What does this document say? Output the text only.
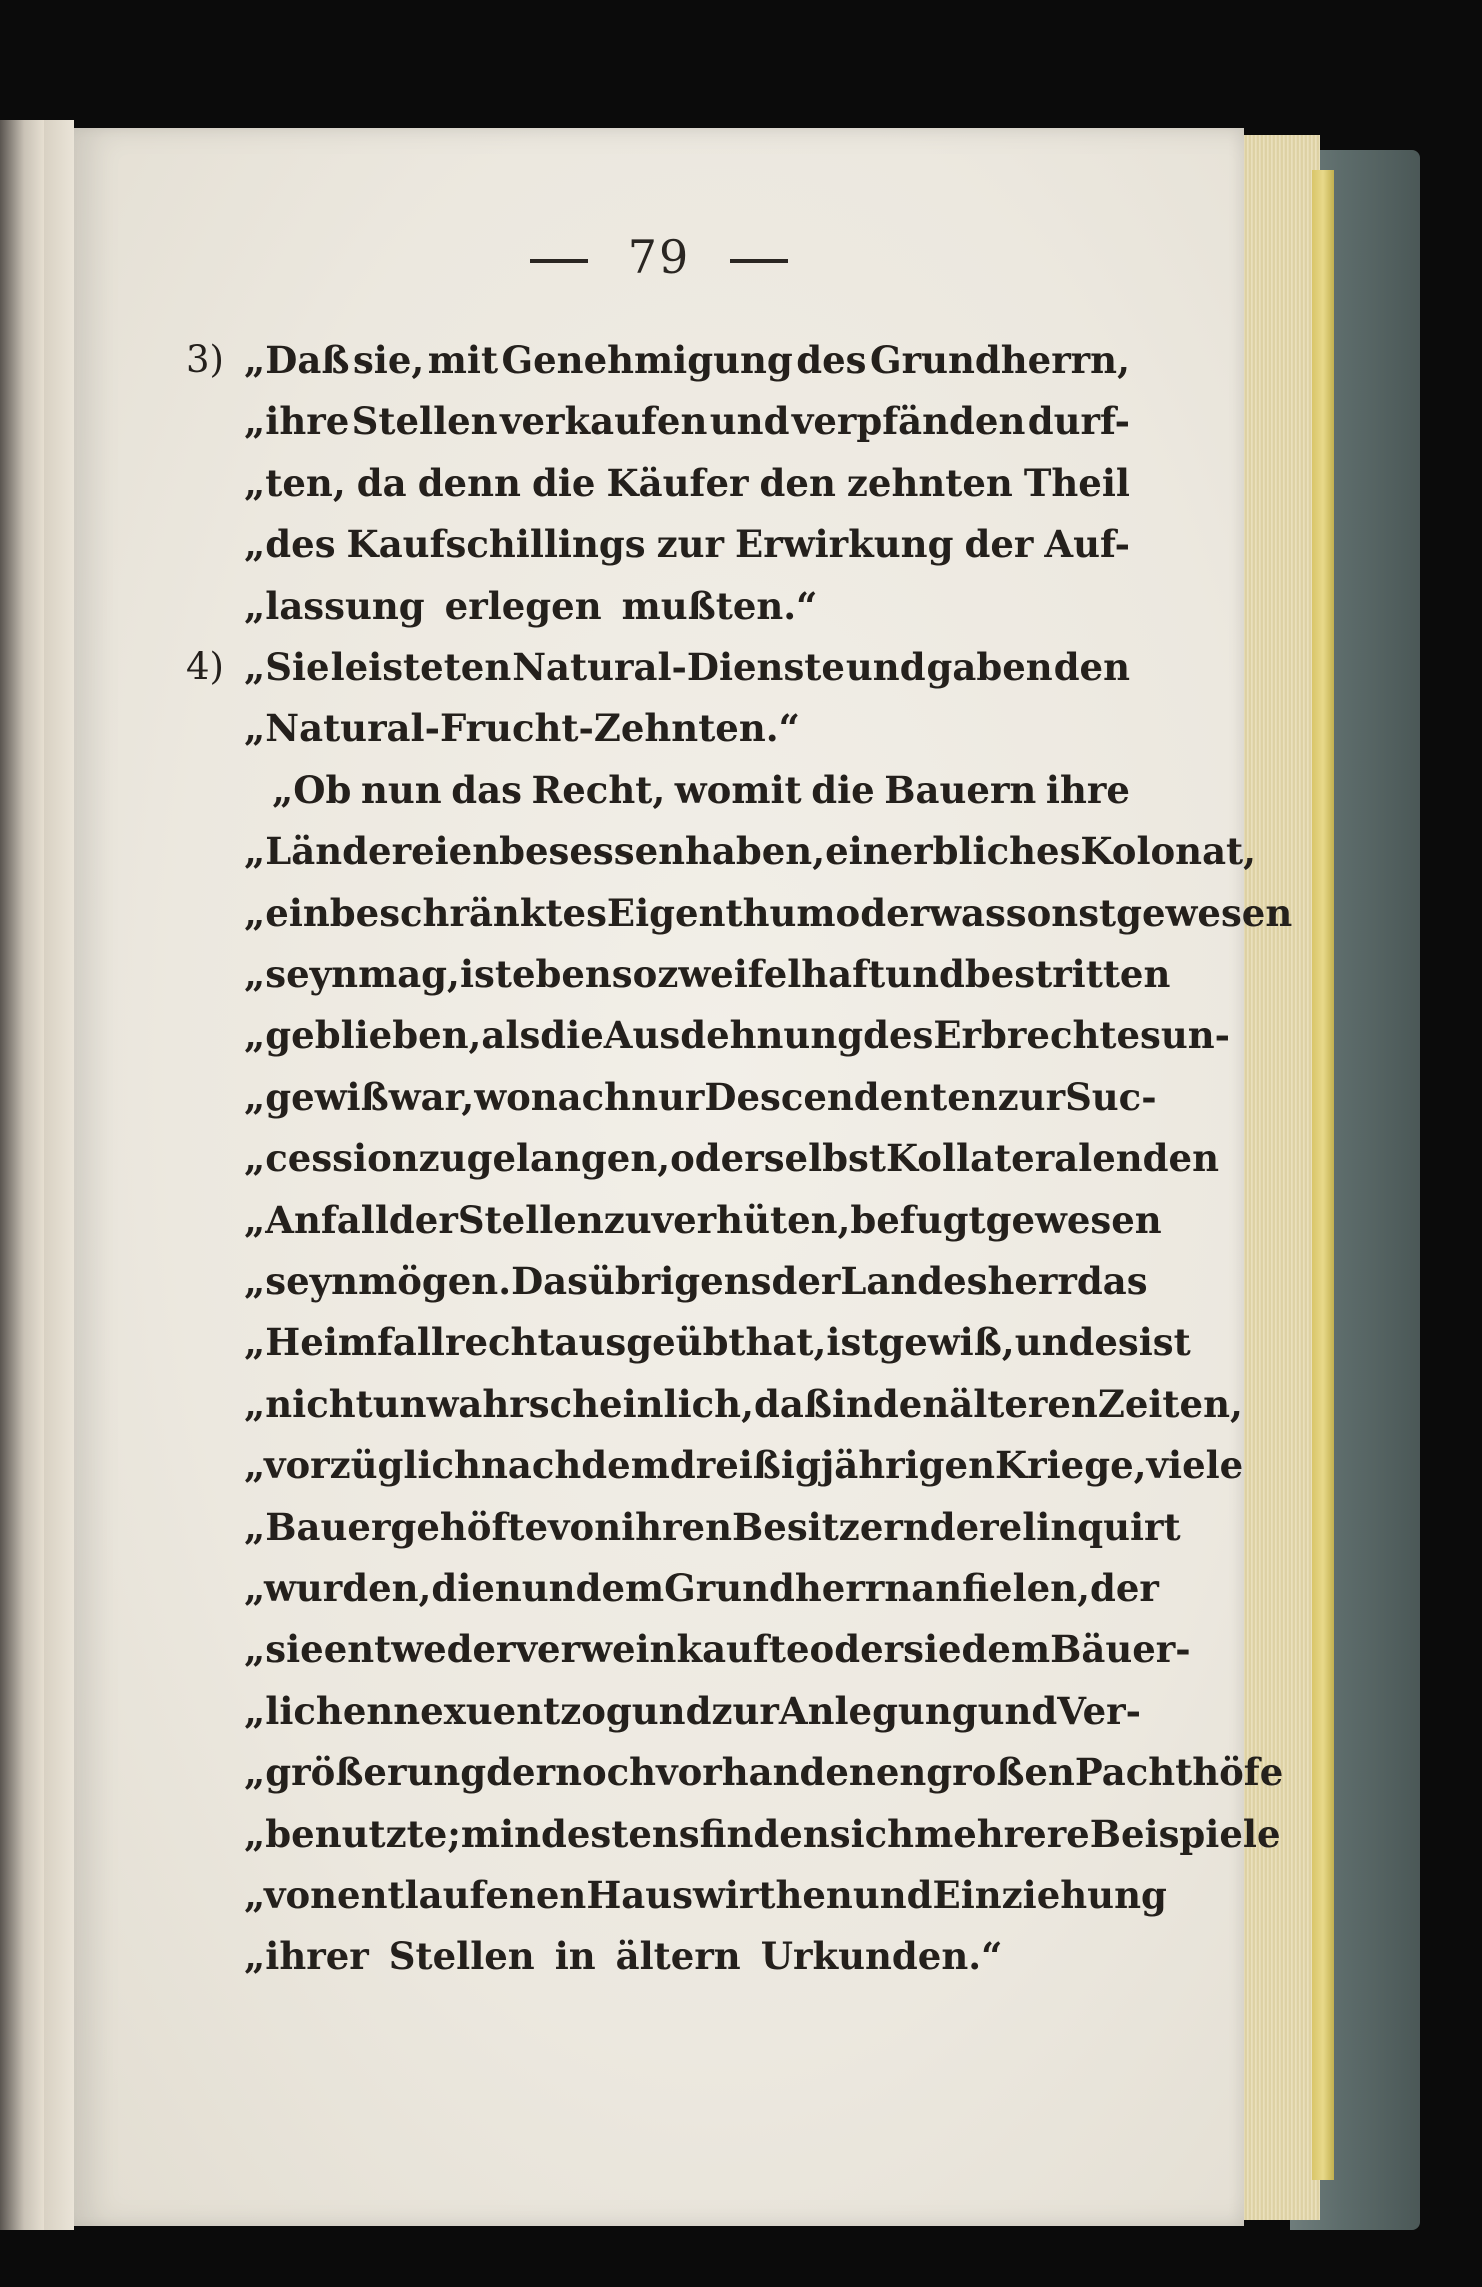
79
„Daß sie, mit Genehmigung des Grundherrn,
„ihre Stellen verkaufen und verpfänden durf-
„ten, da denn die Käufer den zehnten Theil
„des Kaufschillings zur Erwirkung der Auf-
„lassung erlegen mußten.“
„Sie leisteten Natural-Dienste und gaben den
„Natural-Frucht-Zehnten.“
„Ob nun das Recht, womit die Bauern ihre
„Ländereien besessen haben, ein erbliches Kolonat,
„ein beschränktes Eigenthum oder was sonst gewesen
„seyn mag, ist eben so zweifelhaft und bestritten
„geblieben, als die Ausdehnung des Erbrechtes un-
„gewiß war, wonach nur Descendenten zur Suc-
„cession zu gelangen, oder selbst Kollateralen den
„Anfall der Stellen zu verhüten, befugt gewesen
„seyn mögen. Das übrigens der Landesherr das
„Heimfallrecht ausgeübt hat, ist gewiß, und es ist
„nicht unwahrscheinlich, daß in den älteren Zeiten,
„vorzüglich nach dem dreißigjährigen Kriege, viele
„Bauergehöfte von ihren Besitzern derelinquirt
„wurden, die nun dem Grundherrn anfielen, der
„sie entweder verweinkaufte oder sie dem Bäuer-
„lichen nexu entzog und zur Anlegung und Ver-
„größerung der noch vorhandenen großen Pachthöfe
„benutzte; mindestens finden sich mehrere Beispiele
„von entlaufenen Hauswirthen und Einziehung
„ihrer Stellen in ältern Urkunden.“
3)
4)
